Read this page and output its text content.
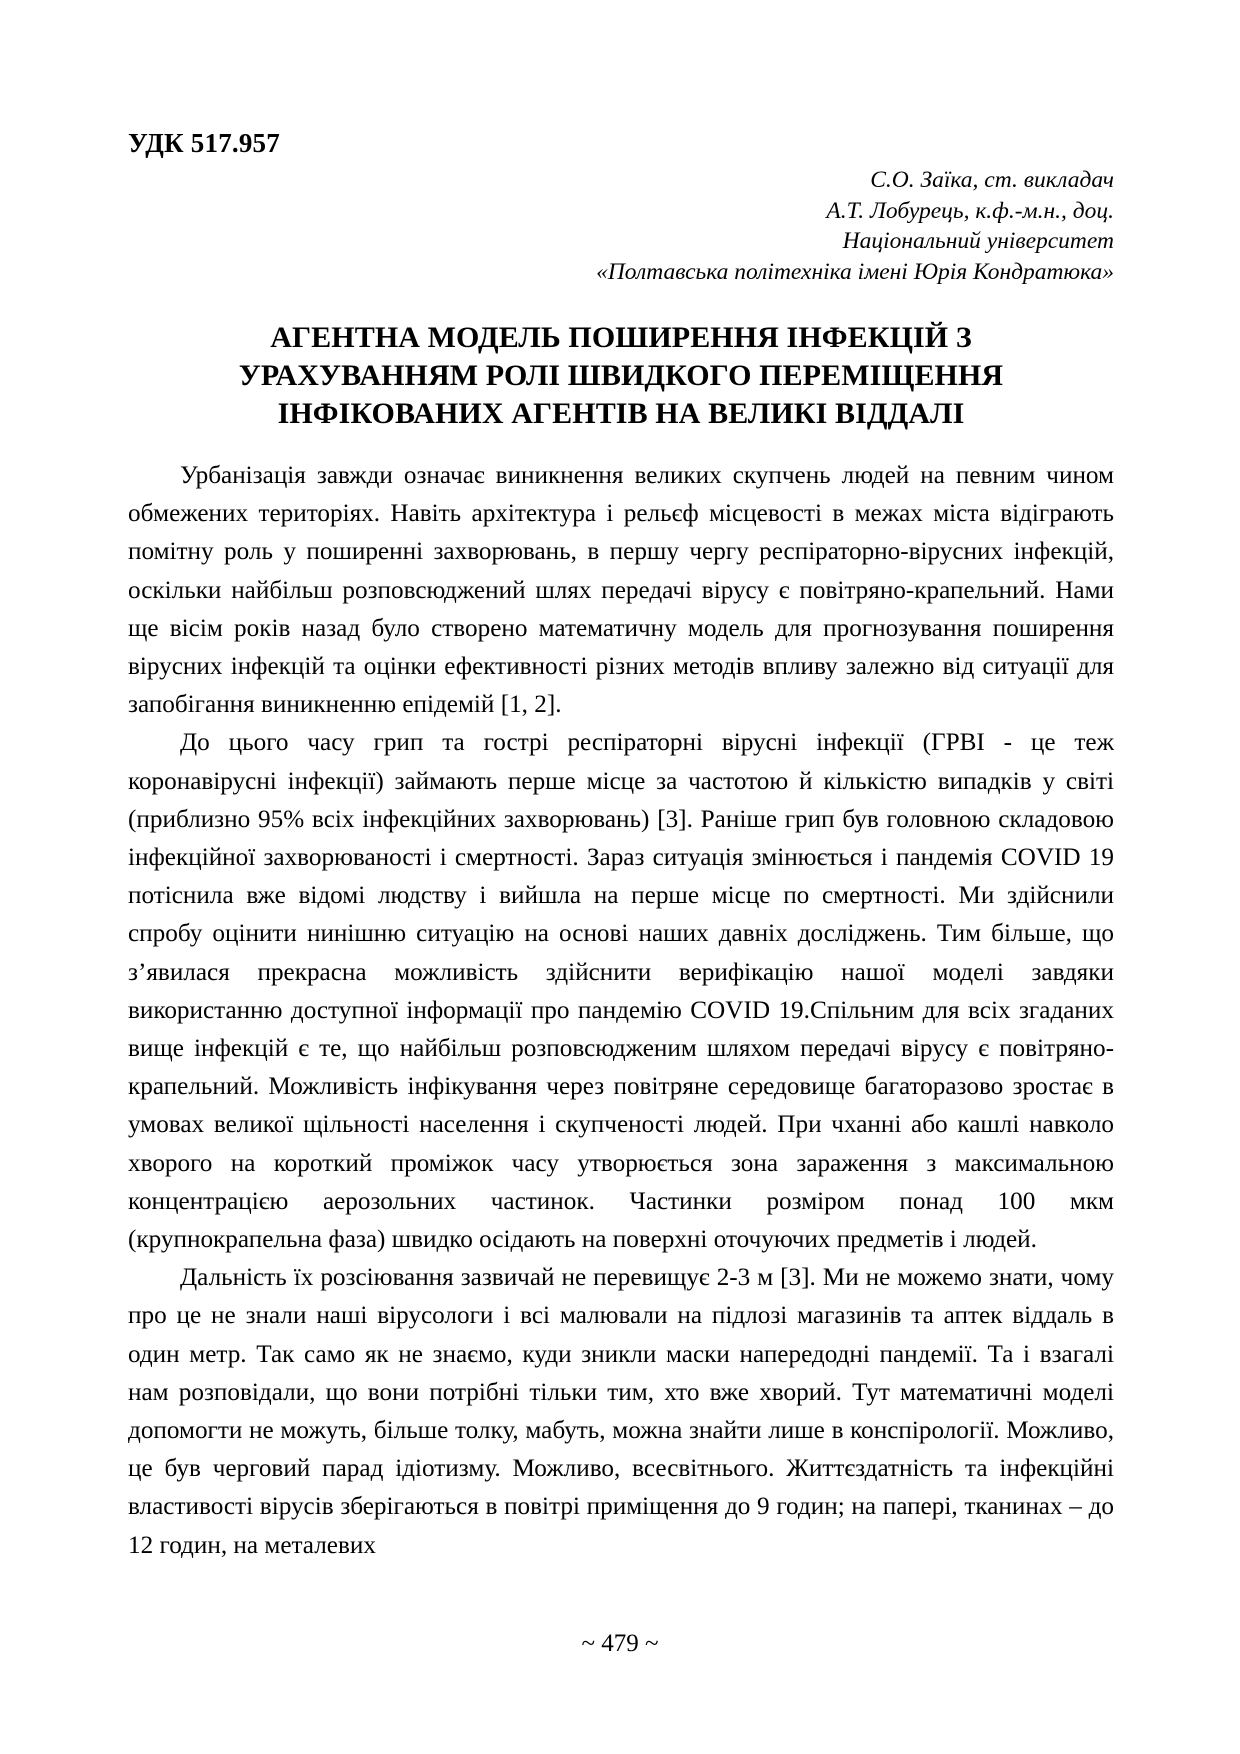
УДК 517.957
С.О. Заїка, ст. викладач
А.Т. Лобурець, к.ф.-м.н., доц.
Національний університет
«Полтавська політехніка імені Юрія Кондратюка»
АГЕНТНА МОДЕЛЬ ПОШИРЕННЯ ІНФЕКЦІЙ З
УРАХУВАННЯМ РОЛІ ШВИДКОГО ПЕРЕМІЩЕННЯ
ІНФІКОВАНИХ АГЕНТІВ НА ВЕЛИКІ ВІДДАЛІ

Урбанізація завжди означає виникнення великих скупчень людей на певним чином обмежених територіях. Навіть архітектура і рельєф місцевості в межах міста відіграють помітну роль у поширенні захворювань, в першу чергу респіраторно-вірусних інфекцій, оскільки найбільш розповсюджений шлях передачі вірусу є повітряно-крапельний. Нами ще вісім років назад було створено математичну модель для прогнозування поширення вірусних інфекцій та оцінки ефективності різних методів впливу залежно від ситуації для запобігання виникненню епідемій [1, 2].

До цього часу грип та гострі респіраторні вірусні інфекції (ГРВІ - це теж коронавірусні інфекції) займають перше місце за частотою й кількістю випадків у світі (приблизно 95% всіх інфекційних захворювань) [3]. Раніше грип був головною складовою інфекційної захворюваності і смертності. Зараз ситуація змінюється і пандемія COVID 19 потіснила вже відомі людству і вийшла на перше місце по смертності. Ми здійснили спробу оцінити нинішню ситуацію на основі наших давніх досліджень. Тим більше, що з’явилася прекрасна можливість здійснити верифікацію нашої моделі завдяки використанню доступної інформації про пандемію COVID 19.Спільним для всіх згаданих вище інфекцій є те, що найбільш розповсюдженим шляхом передачі вірусу є повітряно-крапельний. Можливість інфікування через повітряне середовище багаторазово зростає в умовах великої щільності населення і скупченості людей. При чханні або кашлі навколо хворого на короткий проміжок часу утворюється зона зараження з максимальною концентрацією аерозольних частинок. Частинки розміром понад 100 мкм (крупнокрапельна фаза) швидко осідають на поверхні оточуючих предметів і людей.

Дальність їх розсіювання зазвичай не перевищує 2-3 м [3]. Ми не можемо знати, чому про це не знали наші вірусологи і всі малювали на підлозі магазинів та аптек віддаль в один метр. Так само як не знаємо, куди зникли маски напередодні пандемії. Та і взагалі нам розповідали, що вони потрібні тільки тим, хто вже хворий. Тут математичні моделі допомогти не можуть, більше толку, мабуть, можна знайти лише в конспірології. Можливо, це був черговий парад ідіотизму. Можливо, всесвітнього. Життєздатність та інфекційні властивості вірусів зберігаються в повітрі приміщення до 9 годин; на папері, тканинах – до 12 годин, на металевих

~ 479 ~
